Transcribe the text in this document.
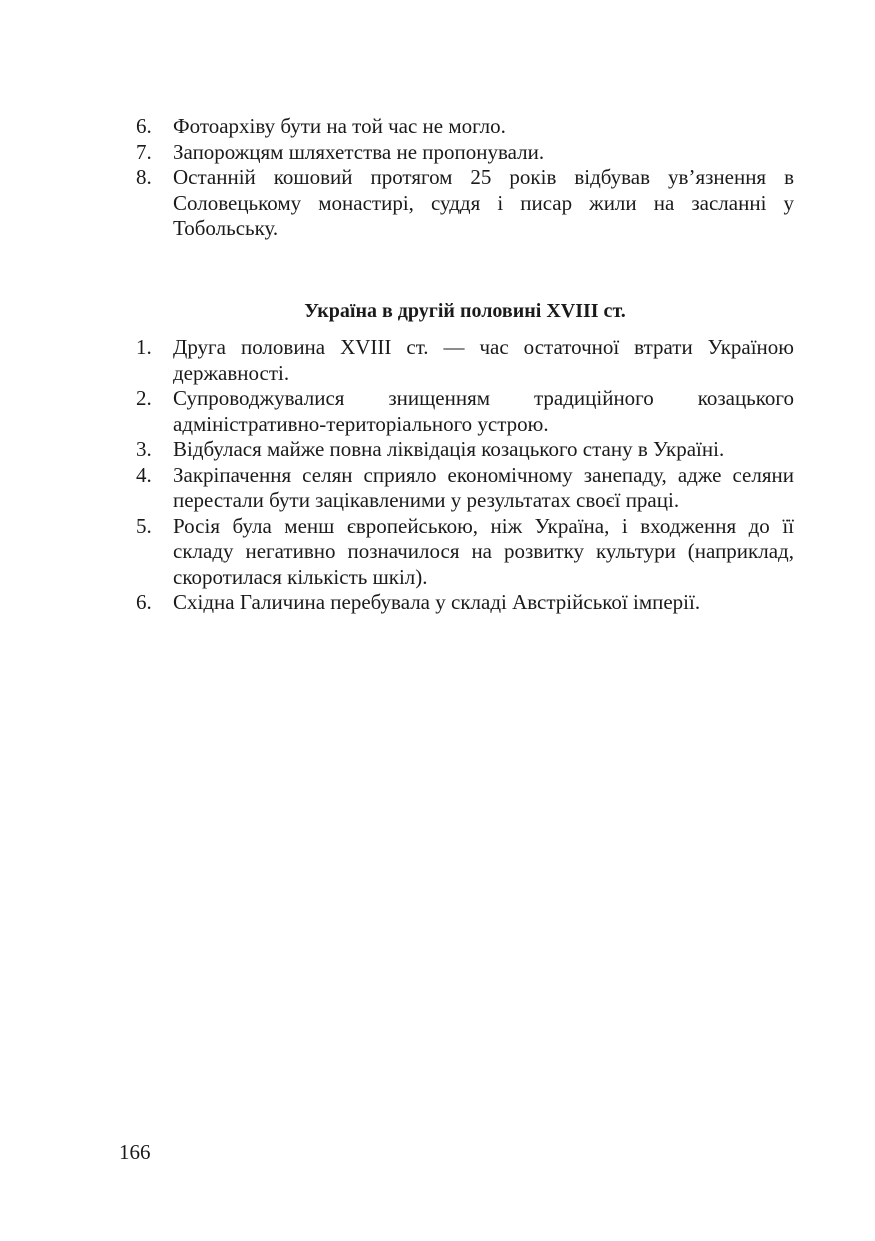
6.	Фотоархіву бути на той час не могло.
7.	Запорожцям шляхетства не пропонували.
8.	Останній кошовий протягом 25 років відбував ув’язнення в Соловецькому монастирі, суддя і писар жили на засланні у Тобольську.
Україна в другій половині XVIII ст.
1.	Друга половина XVIII ст. — час остаточної втрати Україною державності.
2.	Супроводжувалися знищенням традиційного козацького адміністративно-територіального устрою.
3.	Відбулася майже повна ліквідація козацького стану в Україні.
4.	Закріпачення селян сприяло економічному занепаду, адже селяни перестали бути зацікавленими у результатах своєї праці.
5.	Росія була менш європейською, ніж Україна, і входження до її складу негативно позначилося на розвитку культури (наприклад, скоротилася кількість шкіл).
6.	Східна Галичина перебувала у складі Австрійської імперії.
166
